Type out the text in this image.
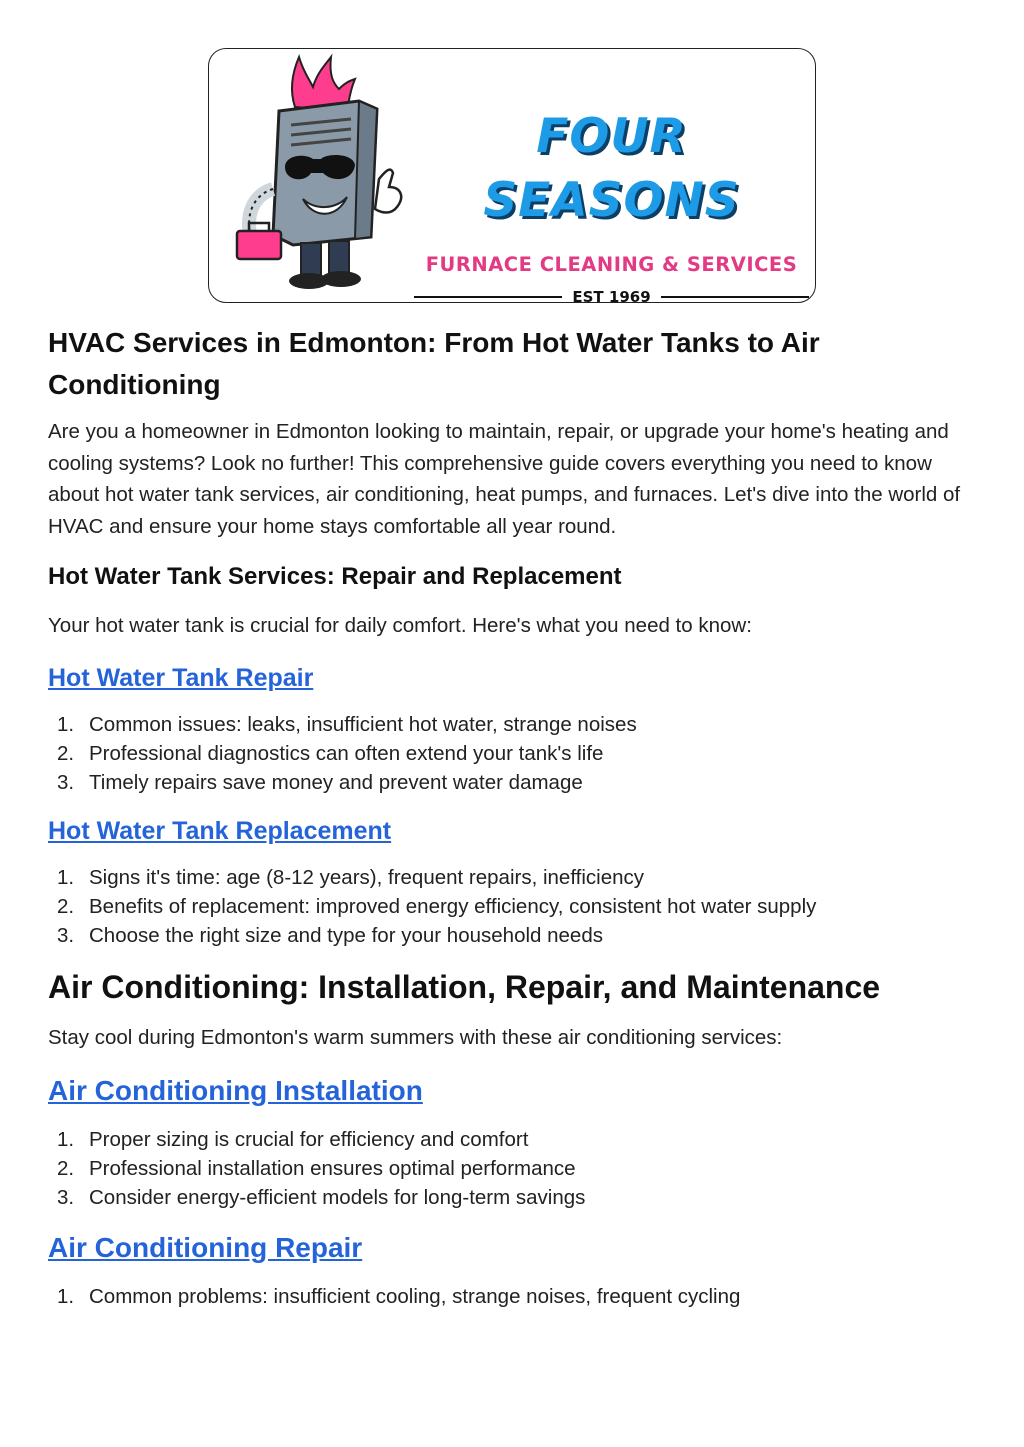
FOUR SEASONS
FURNACE CLEANING & SERVICES
EST 1969
HVAC Services in Edmonton: From Hot Water Tanks to Air Conditioning

Are you a homeowner in Edmonton looking to maintain, repair, or upgrade your home's heating and cooling systems? Look no further! This comprehensive guide covers everything you need to know about hot water tank services, air conditioning, heat pumps, and furnaces. Let's dive into the world of HVAC and ensure your home stays comfortable all year round.

Hot Water Tank Services: Repair and Replacement

Your hot water tank is crucial for daily comfort. Here's what you need to know:

Hot Water Tank Repair
1. Common issues: leaks, insufficient hot water, strange noises
2. Professional diagnostics can often extend your tank's life
3. Timely repairs save money and prevent water damage
Hot Water Tank Replacement
1. Signs it's time: age (8-12 years), frequent repairs, inefficiency
2. Benefits of replacement: improved energy efficiency, consistent hot water supply
3. Choose the right size and type for your household needs
Air Conditioning: Installation, Repair, and Maintenance

Stay cool during Edmonton's warm summers with these air conditioning services:

Air Conditioning Installation
1. Proper sizing is crucial for efficiency and comfort
2. Professional installation ensures optimal performance
3. Consider energy-efficient models for long-term savings
Air Conditioning Repair
1. Common problems: insufficient cooling, strange noises, frequent cycling
